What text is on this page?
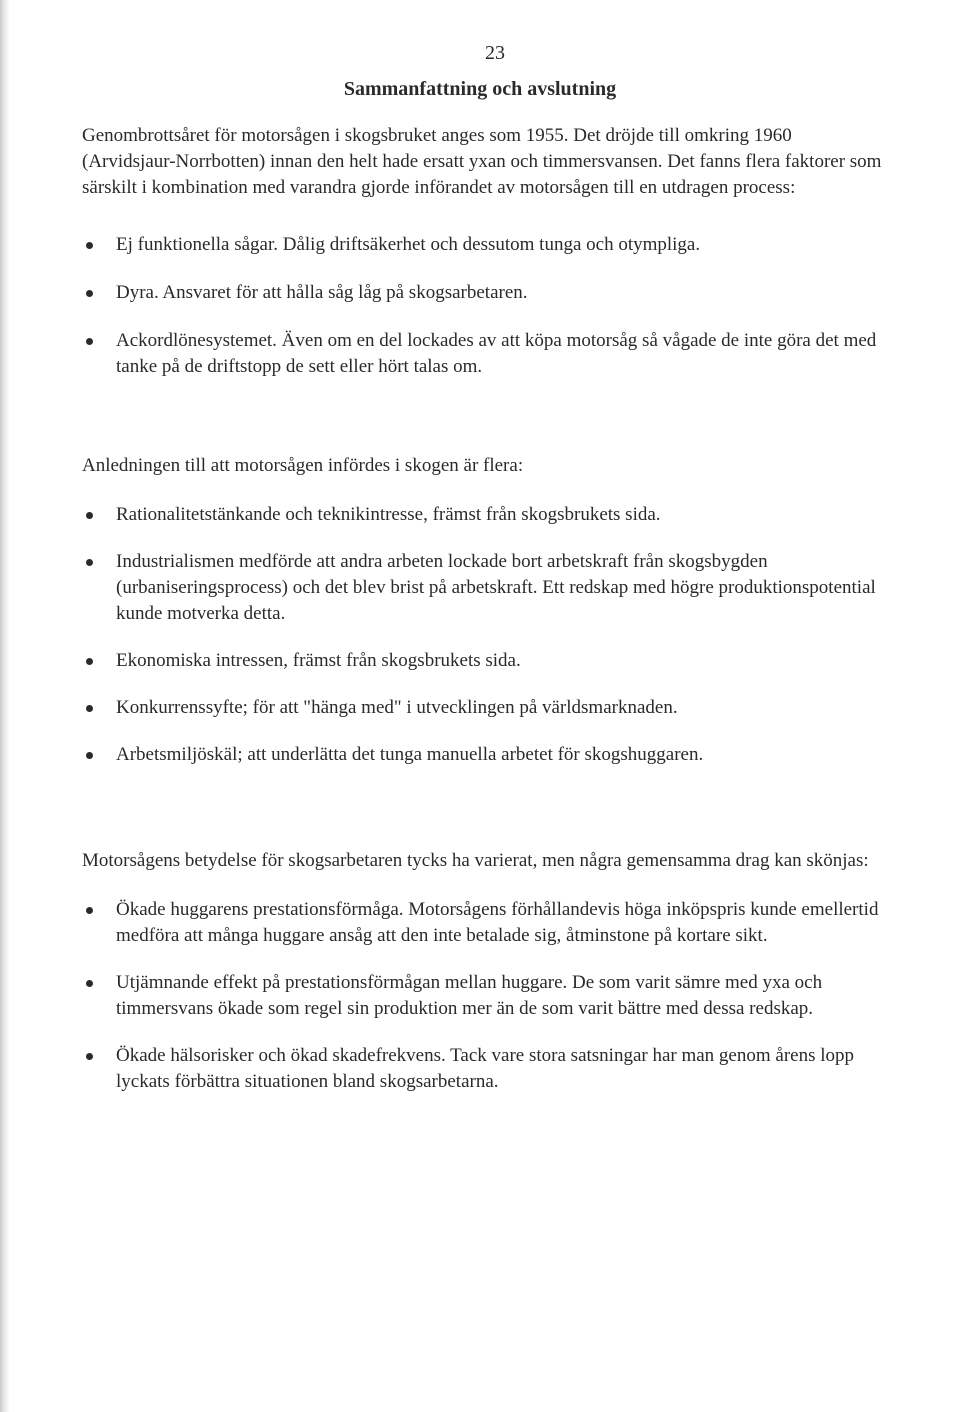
23

Sammanfattning och avslutning

Genombrottsåret för motorsågen i skogsbruket anges som 1955. Det dröjde till omkring 1960 (Arvidsjaur-Norrbotten) innan den helt hade ersatt yxan och timmersvansen. Det fanns flera faktorer som särskilt i kombination med varandra gjorde införandet av motorsågen till en utdragen process:

Ej funktionella sågar. Dålig driftsäkerhet och dessutom tunga och otympliga.
Dyra. Ansvaret för att hålla såg låg på skogsarbetaren.
Ackordlönesystemet. Även om en del lockades av att köpa motorsåg så vågade de inte göra det med tanke på de driftstopp de sett eller hört talas om.

Anledningen till att motorsågen infördes i skogen är flera:

Rationalitetstänkande och teknikintresse, främst från skogsbrukets sida.
Industrialismen medförde att andra arbeten lockade bort arbetskraft från skogsbygden (urbaniseringsprocess) och det blev brist på arbetskraft. Ett redskap med högre produktionspotential kunde motverka detta.
Ekonomiska intressen, främst från skogsbrukets sida.
Konkurrenssyfte; för att "hänga med" i utvecklingen på världsmarknaden.
Arbetsmiljöskäl; att underlätta det tunga manuella arbetet för skogshuggaren.

Motorsågens betydelse för skogsarbetaren tycks ha varierat, men några gemensamma drag kan skönjas:

Ökade huggarens prestationsförmåga. Motorsågens förhållandevis höga inköpspris kunde emellertid medföra att många huggare ansåg att den inte betalade sig, åtminstone på kortare sikt.
Utjämnande effekt på prestationsförmågan mellan huggare. De som varit sämre med yxa och timmersvans ökade som regel sin produktion mer än de som varit bättre med dessa redskap.
Ökade hälsorisker och ökad skadefrekvens. Tack vare stora satsningar har man genom årens lopp lyckats förbättra situationen bland skogsarbetarna.
